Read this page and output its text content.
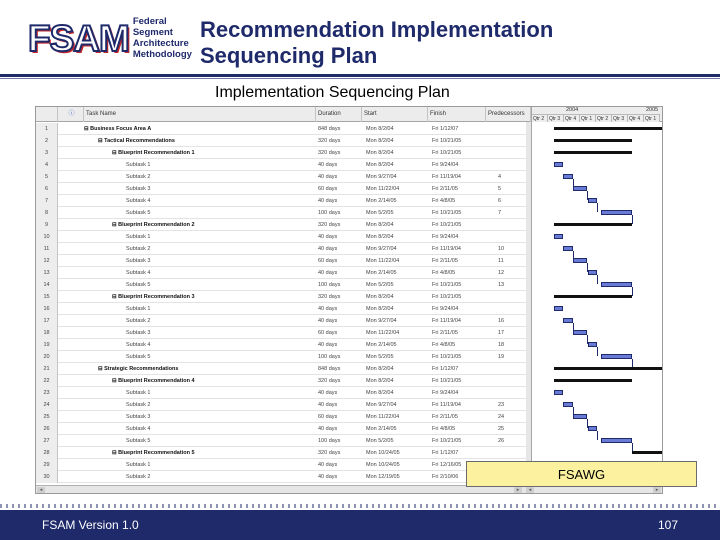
FSAM Federal
Segment
Architecture
Methodology
Recommendation Implementation
Sequencing Plan
Implementation Sequencing Plan
ⓘ	Task Name	Duration	Start	Finish	Predecessors
1	⊟ Business Focus Area A	848 days	Mon 8/2/04	Fri 1/12/07
2	⊟ Tactical Recommendations	320 days	Mon 8/2/04	Fri 10/21/05
3	⊟ Blueprint Recommendation 1	320 days	Mon 8/2/04	Fri 10/21/05
4	Subtask 1	40 days	Mon 8/2/04	Fri 9/24/04
5	Subtask 2	40 days	Mon 9/27/04	Fri 11/19/04	4
6	Subtask 3	60 days	Mon 11/22/04	Fri 2/11/05	5
7	Subtask 4	40 days	Mon 2/14/05	Fri 4/8/05	6
8	Subtask 5	100 days	Mon 5/2/05	Fri 10/21/05	7
9	⊟ Blueprint Recommendation 2	320 days	Mon 8/2/04	Fri 10/21/05
10	Subtask 1	40 days	Mon 8/2/04	Fri 9/24/04
11	Subtask 2	40 days	Mon 9/27/04	Fri 11/19/04	10
12	Subtask 3	60 days	Mon 11/22/04	Fri 2/11/05	11
13	Subtask 4	40 days	Mon 2/14/05	Fri 4/8/05	12
14	Subtask 5	100 days	Mon 5/2/05	Fri 10/21/05	13
15	⊟ Blueprint Recommendation 3	320 days	Mon 8/2/04	Fri 10/21/05
16	Subtask 1	40 days	Mon 8/2/04	Fri 9/24/04
17	Subtask 2	40 days	Mon 9/27/04	Fri 11/19/04	16
18	Subtask 3	60 days	Mon 11/22/04	Fri 2/11/05	17
19	Subtask 4	40 days	Mon 2/14/05	Fri 4/8/05	18
20	Subtask 5	100 days	Mon 5/2/05	Fri 10/21/05	19
21	⊟ Strategic Recommendations	848 days	Mon 8/2/04	Fri 1/12/07
22	⊟ Blueprint Recommendation 4	320 days	Mon 8/2/04	Fri 10/21/05
23	Subtask 1	40 days	Mon 8/2/04	Fri 9/24/04
24	Subtask 2	40 days	Mon 9/27/04	Fri 11/19/04	23
25	Subtask 3	60 days	Mon 11/22/04	Fri 2/11/05	24
26	Subtask 4	40 days	Mon 2/14/05	Fri 4/8/05	25
27	Subtask 5	100 days	Mon 5/2/05	Fri 10/21/05	26
28	⊟ Blueprint Recommendation 5	320 days	Mon 10/24/05	Fri 1/12/07
29	Subtask 1	40 days	Mon 10/24/05	Fri 12/16/05
30	Subtask 2	40 days	Mon 12/19/05	Fri 2/10/06
2004	2005
Qtr 2 Qtr 3 Qtr 4 Qtr 1 Qtr 2 Qtr 3 Qtr 4 Qtr 1
◂	▸	◂	▸
FSAWG
FSAM Version 1.0	107
